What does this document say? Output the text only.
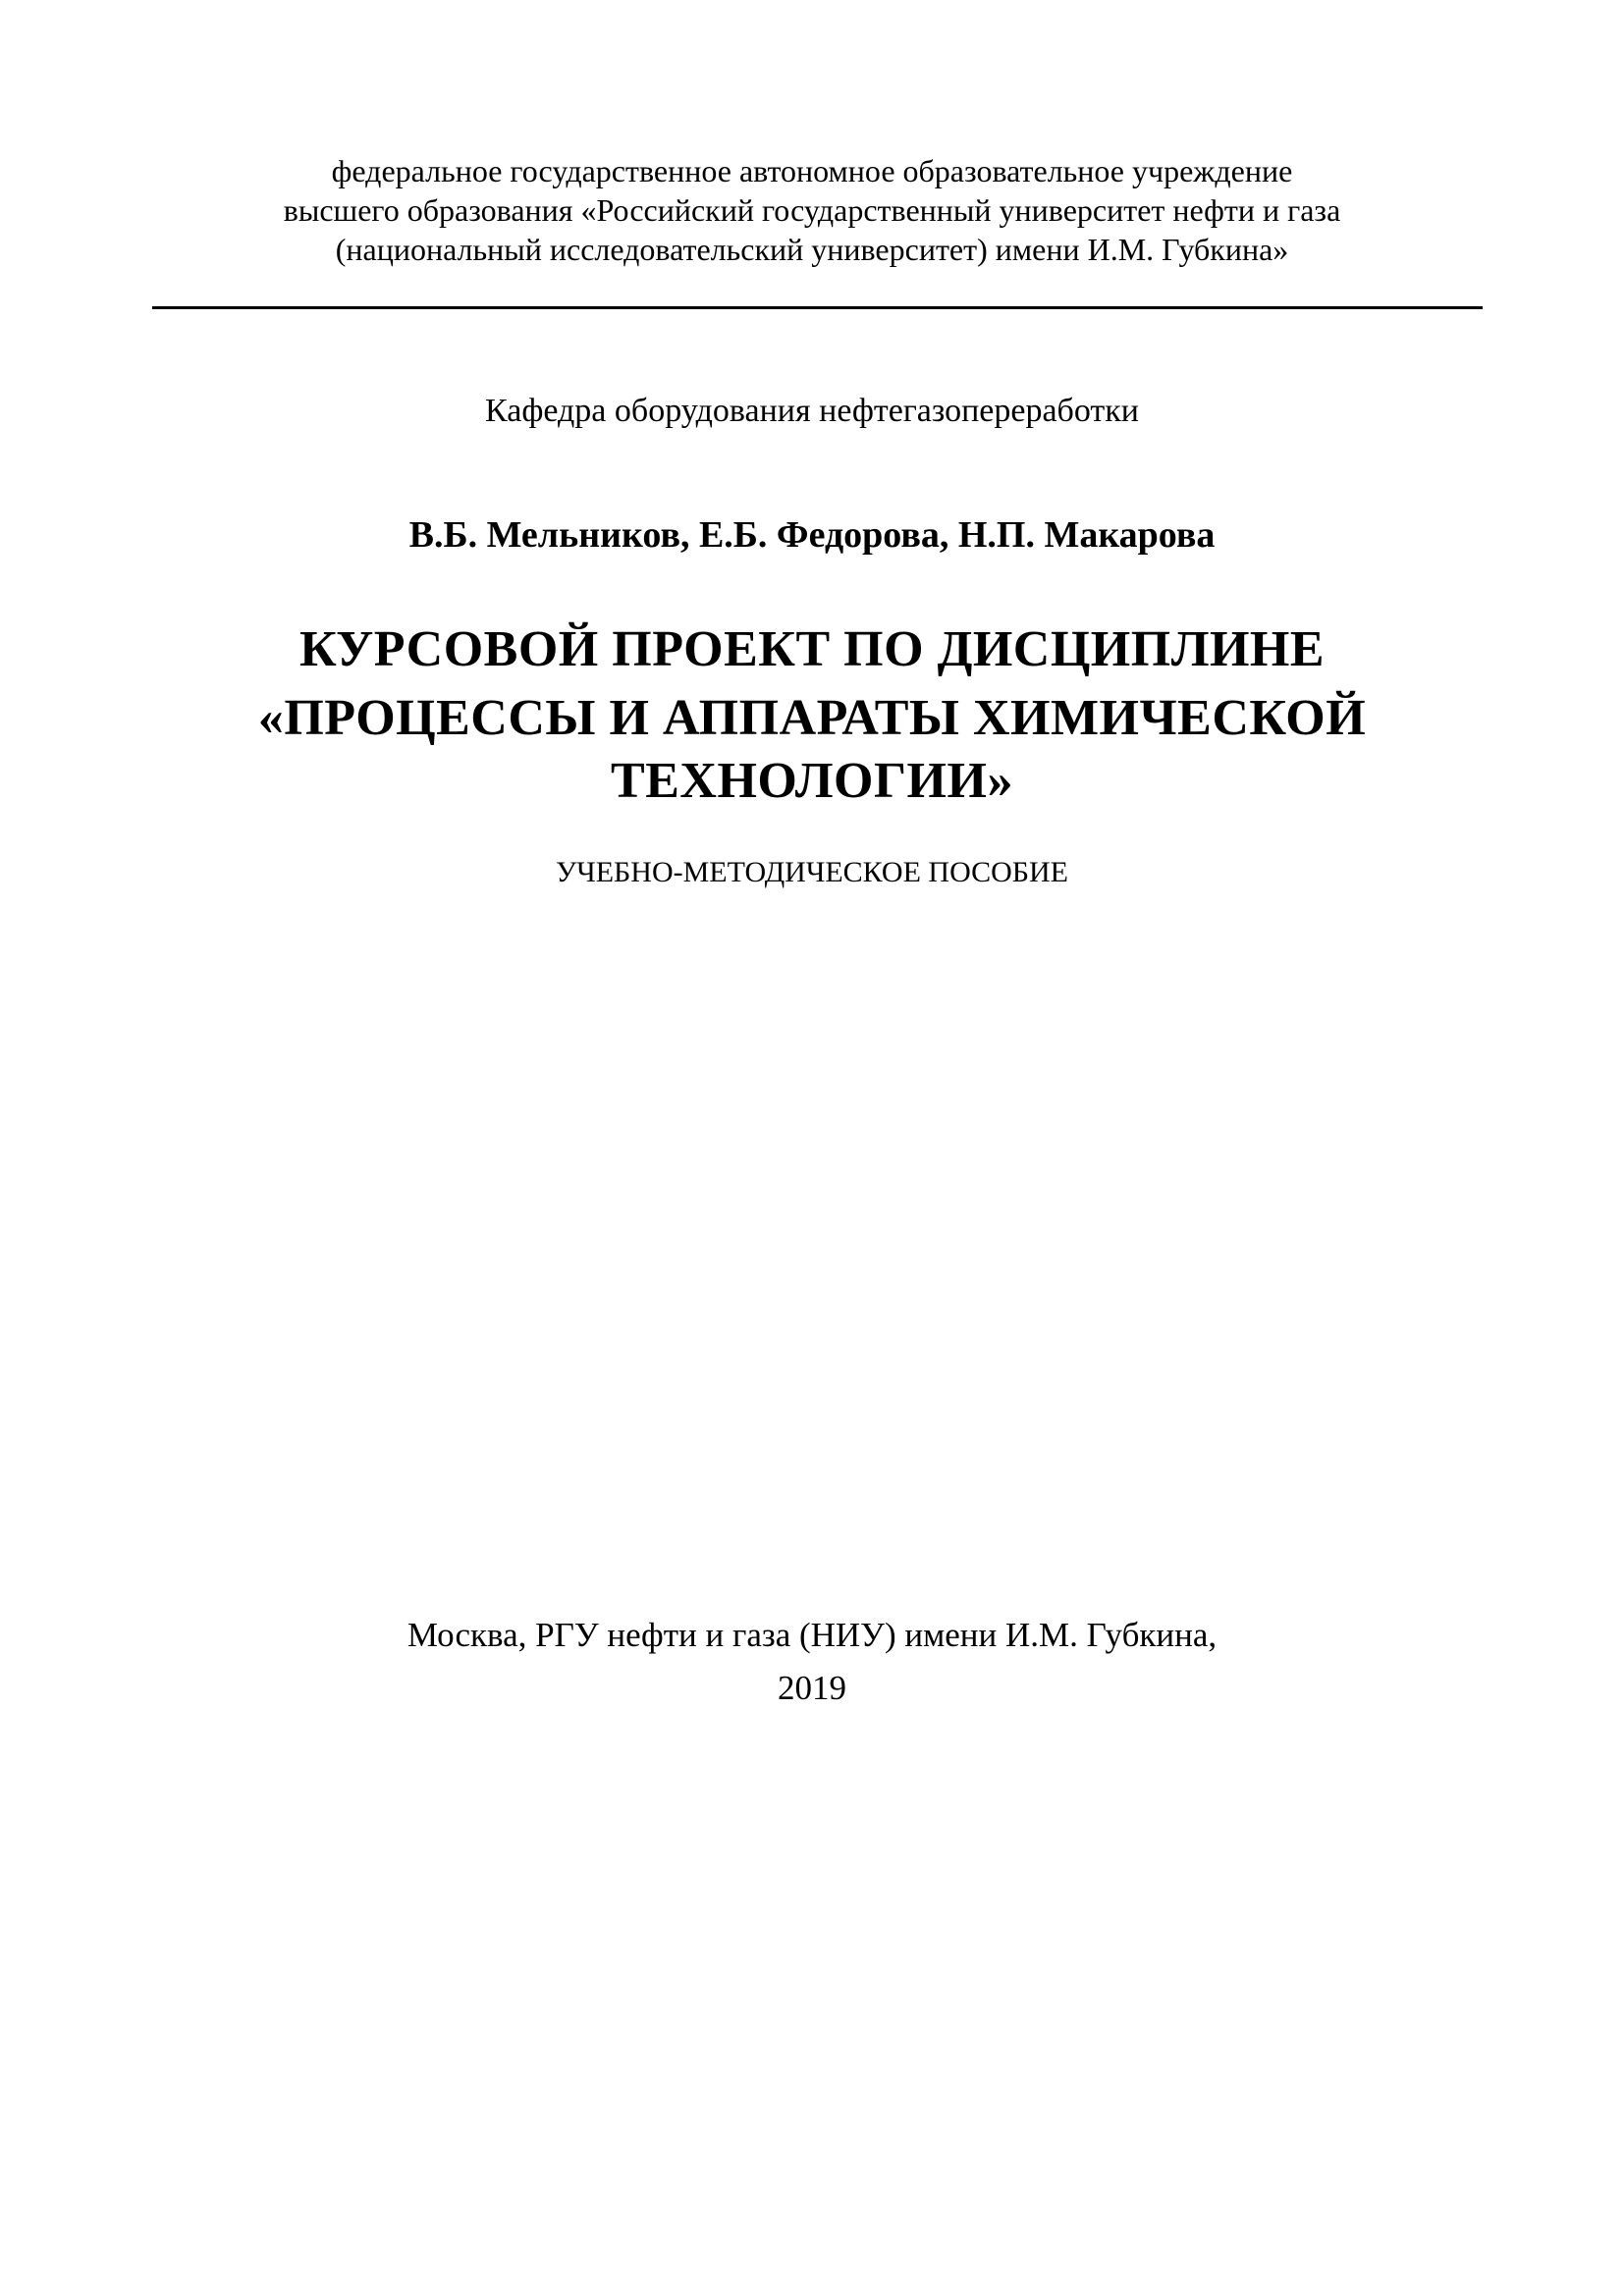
федеральное государственное автономное образовательное учреждение
высшего образования «Российский государственный университет нефти и газа
(национальный исследовательский университет) имени И.М. Губкина»
Кафедра оборудования нефтегазопереработки
В.Б. Мельников, Е.Б. Федорова, Н.П. Макарова
КУРСОВОЙ ПРОЕКТ ПО ДИСЦИПЛИНЕ
«ПРОЦЕССЫ И АППАРАТЫ ХИМИЧЕСКОЙ
ТЕХНОЛОГИИ»
УЧЕБНО-МЕТОДИЧЕСКОЕ ПОСОБИЕ
Москва, РГУ нефти и газа (НИУ) имени И.М. Губкина,
2019
